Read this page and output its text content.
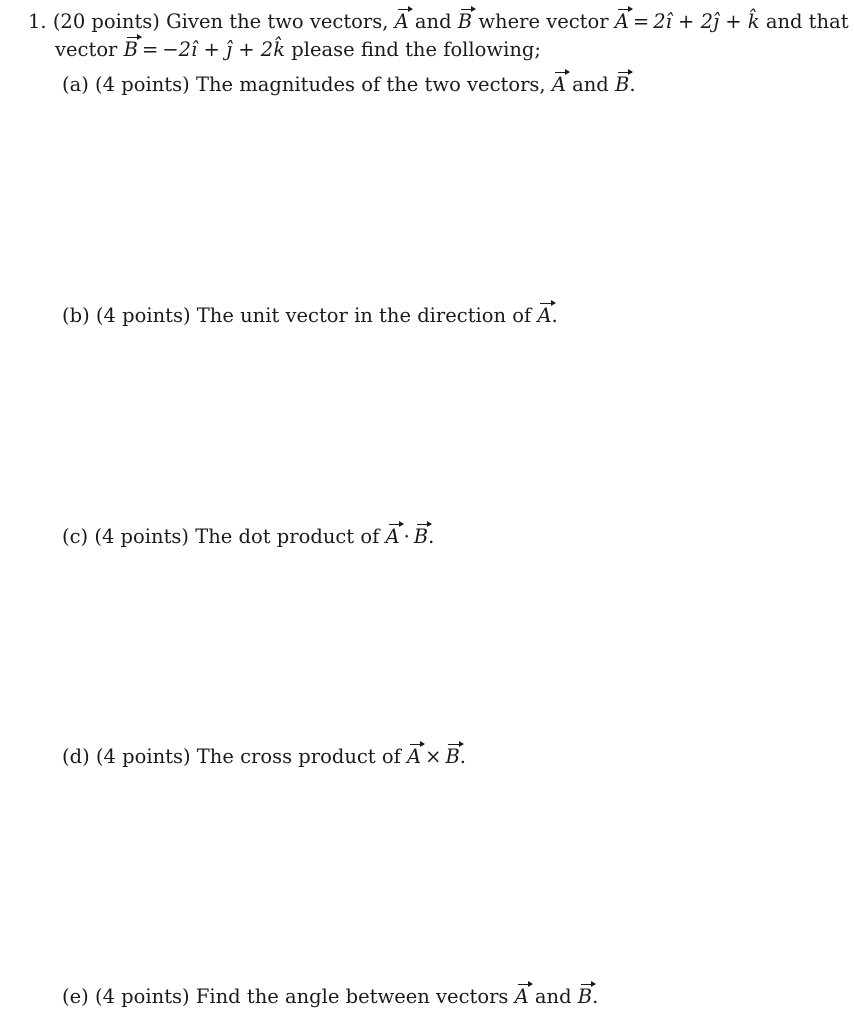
1. (20 points) Given the two vectors, A and B where vector A = 2î + 2ĵ + k̂ and that
vector B = −2î + ĵ + 2k̂ please find the following;
(a) (4 points) The magnitudes of the two vectors, A and B.
(b) (4 points) The unit vector in the direction of A.
(c) (4 points) The dot product of A · B.
(d) (4 points) The cross product of A × B.
(e) (4 points) Find the angle between vectors A and B.
